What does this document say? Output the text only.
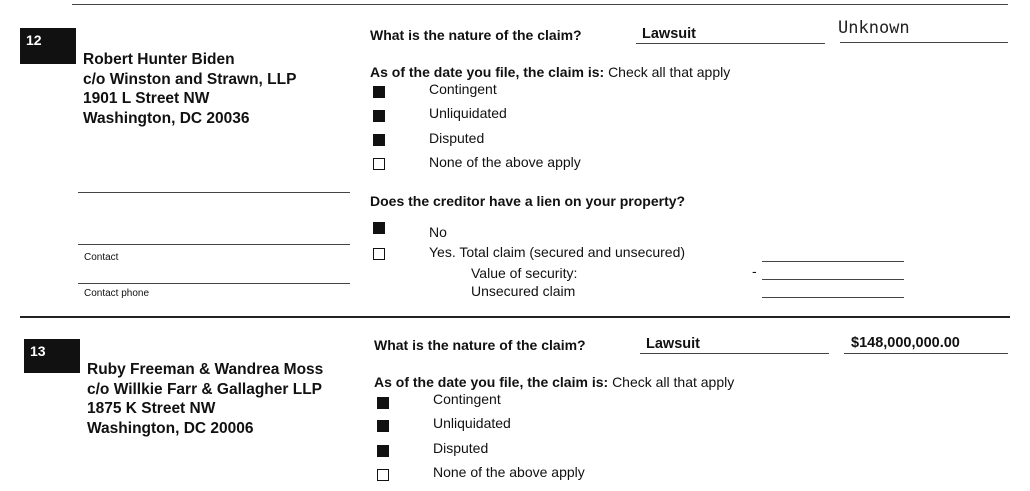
12
Robert Hunter Biden
c/o Winston and Strawn, LLP
1901 L Street NW
Washington, DC 20036
Contact
Contact phone
What is the nature of the claim?	Lawsuit	Unknown
As of the date you file, the claim is: Check all that apply
Contingent
Unliquidated
Disputed
None of the above apply
Does the creditor have a lien on your property?
No
Yes. Total claim (secured and unsecured)
Value of security:
Unsecured claim
-
13
Ruby Freeman & Wandrea Moss
c/o Willkie Farr & Gallagher LLP
1875 K Street NW
Washington, DC 20006
What is the nature of the claim?	Lawsuit	$148,000,000.00
As of the date you file, the claim is: Check all that apply
Contingent
Unliquidated
Disputed
None of the above apply
